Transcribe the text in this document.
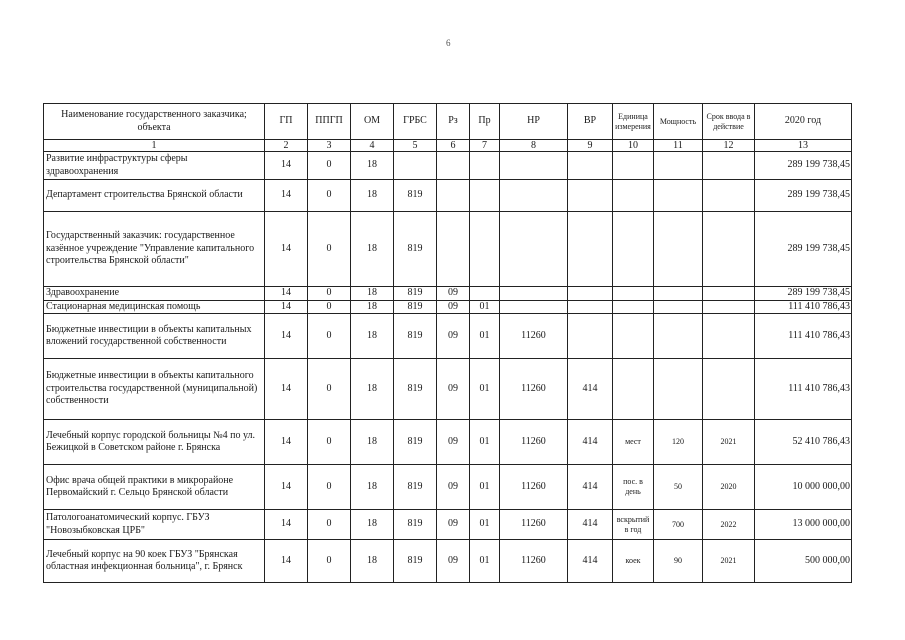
6
Наименование государственного заказчика; объекта	ГП	ППГП	ОМ	ГРБС	Рз	Пр	НР	ВР	Единица измерения	Мощность	Срок ввода в действие	2020 год
1	2	3	4	5	6	7	8	9	10	11	12	13
Развитие инфраструктуры сферы здравоохранения	14	0	18									289 199 738,45
Департамент строительства Брянской области	14	0	18	819								289 199 738,45
Государственный заказчик: государственное казённое учреждение "Управление капитального строительства Брянской области"	14	0	18	819								289 199 738,45
Здравоохранение	14	0	18	819	09							289 199 738,45
Стационарная медицинская помощь	14	0	18	819	09	01						111 410 786,43
Бюджетные инвестиции в объекты капитальных вложений государственной собственности	14	0	18	819	09	01	11260					111 410 786,43
Бюджетные инвестиции в объекты капитального строительства государственной (муниципальной) собственности	14	0	18	819	09	01	11260	414				111 410 786,43
Лечебный корпус городской больницы №4 по ул. Бежицкой в Советском районе г. Брянска	14	0	18	819	09	01	11260	414	мест	120	2021	52 410 786,43
Офис врача общей практики в микрорайоне Первомайский г. Сельцо Брянской области	14	0	18	819	09	01	11260	414	пос. в день	50	2020	10 000 000,00
Патологоанатомический корпус. ГБУЗ "Новозыбковская ЦРБ"	14	0	18	819	09	01	11260	414	вскрытий в год	700	2022	13 000 000,00
Лечебный корпус на 90 коек ГБУЗ "Брянская областная инфекционная больница", г. Брянск	14	0	18	819	09	01	11260	414	коек	90	2021	500 000,00
